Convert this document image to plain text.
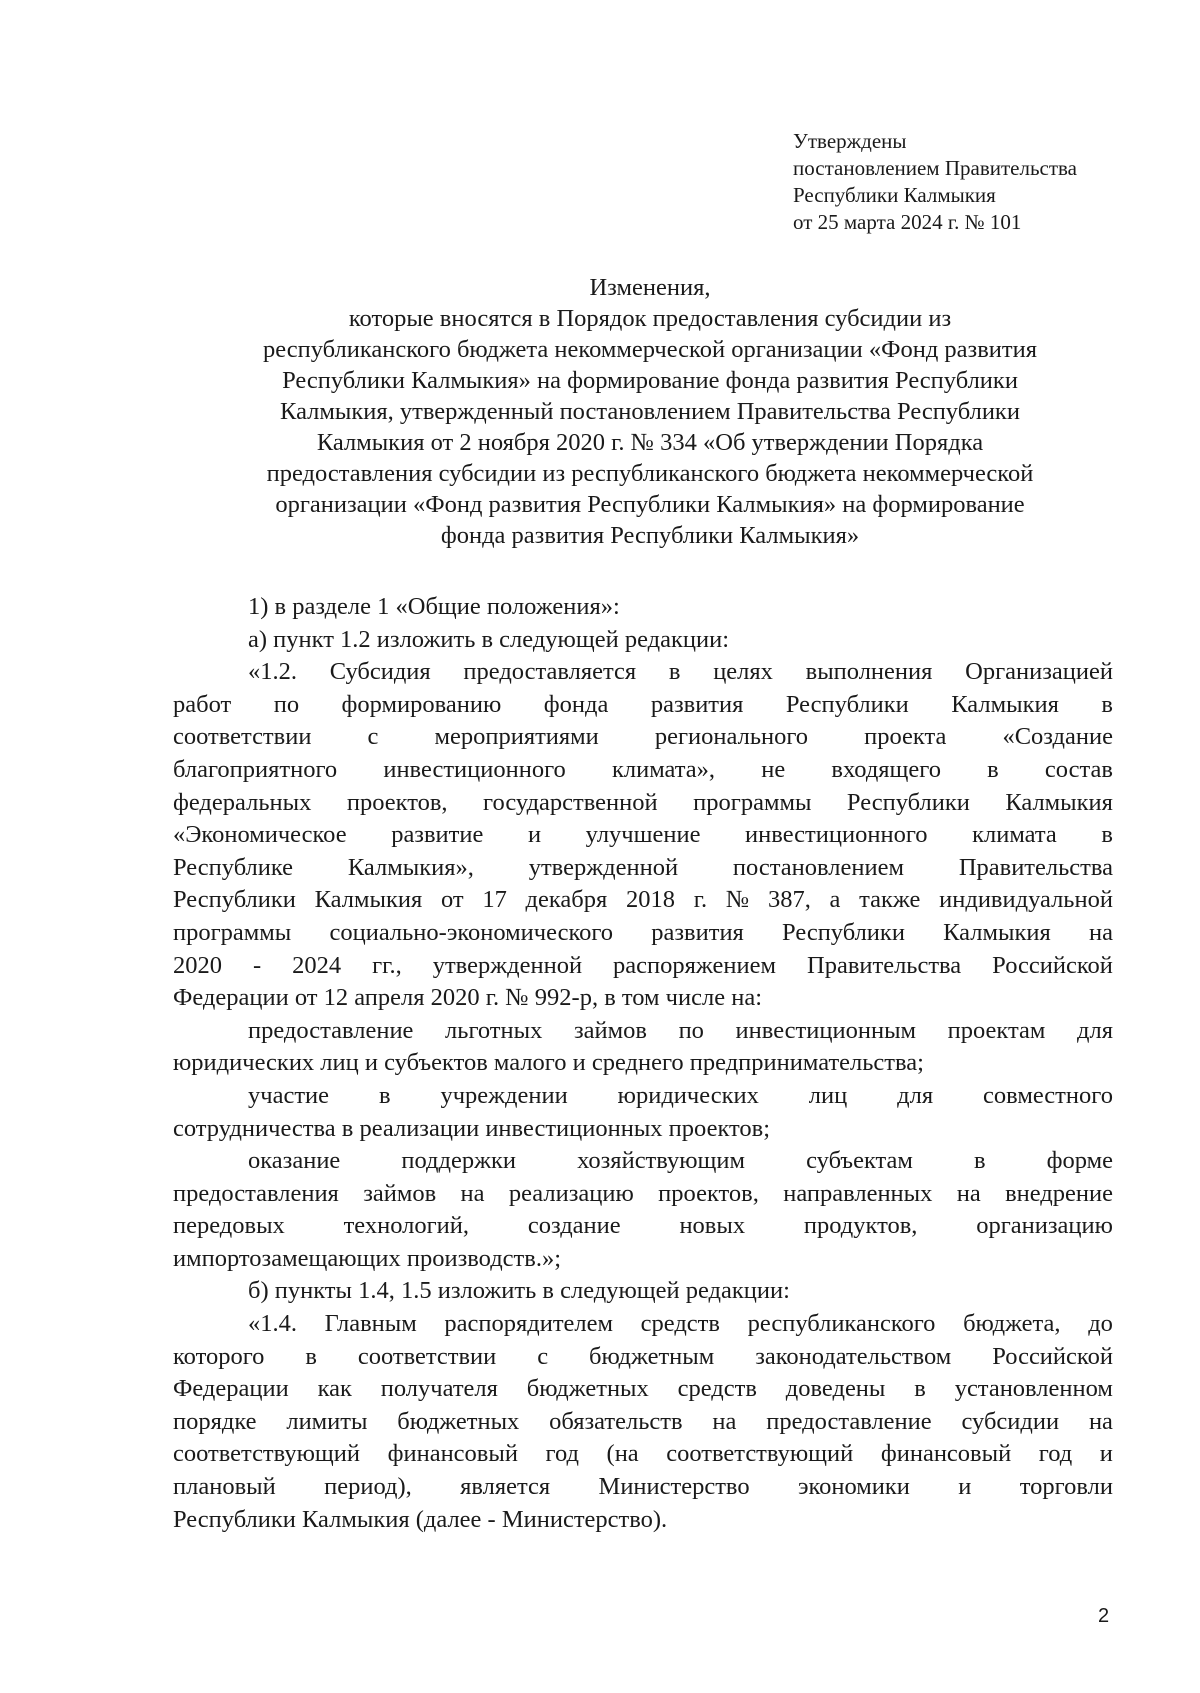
Утверждены
постановлением Правительства
Республики Калмыкия
от 25 марта 2024 г. № 101
Изменения,
которые вносятся в Порядок предоставления субсидии из
республиканского бюджета некоммерческой организации «Фонд развития
Республики Калмыкия» на формирование фонда развития Республики
Калмыкия, утвержденный постановлением Правительства Республики
Калмыкия от 2 ноября 2020 г. № 334 «Об утверждении Порядка
предоставления субсидии из республиканского бюджета некоммерческой
организации «Фонд развития Республики Калмыкия» на формирование
фонда развития Республики Калмыкия»
1) в разделе 1 «Общие положения»:
а) пункт 1.2 изложить в следующей редакции:
«1.2. Субсидия предоставляется в целях выполнения Организацией
работ по формированию фонда развития Республики Калмыкия в
соответствии с мероприятиями регионального проекта «Создание
благоприятного инвестиционного климата», не входящего в состав
федеральных проектов, государственной программы Республики Калмыкия
«Экономическое развитие и улучшение инвестиционного климата в
Республике Калмыкия», утвержденной постановлением Правительства
Республики Калмыкия от 17 декабря 2018 г. № 387, а также индивидуальной
программы социально-экономического развития Республики Калмыкия на
2020 - 2024 гг., утвержденной распоряжением Правительства Российской
Федерации от 12 апреля 2020 г. № 992-р, в том числе на:
предоставление льготных займов по инвестиционным проектам для
юридических лиц и субъектов малого и среднего предпринимательства;
участие в учреждении юридических лиц для совместного
сотрудничества в реализации инвестиционных проектов;
оказание поддержки хозяйствующим субъектам в форме
предоставления займов на реализацию проектов, направленных на внедрение
передовых технологий, создание новых продуктов, организацию
импортозамещающих производств.»;
б) пункты 1.4, 1.5 изложить в следующей редакции:
«1.4. Главным распорядителем средств республиканского бюджета, до
которого в соответствии с бюджетным законодательством Российской
Федерации как получателя бюджетных средств доведены в установленном
порядке лимиты бюджетных обязательств на предоставление субсидии на
соответствующий финансовый год (на соответствующий финансовый год и
плановый период), является Министерство экономики и торговли
Республики Калмыкия (далее - Министерство).
2
